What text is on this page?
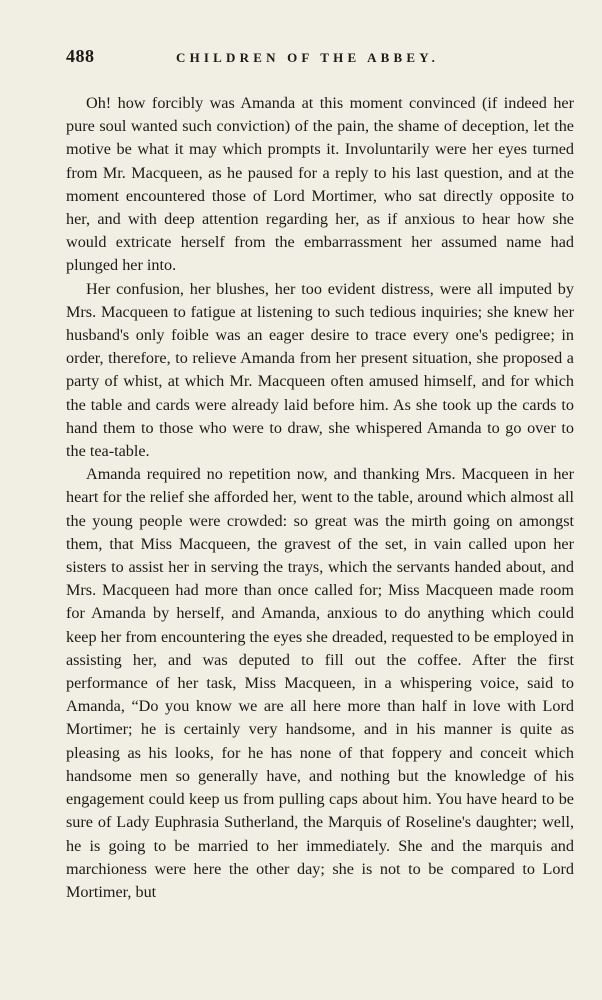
488	CHILDREN OF THE ABBEY.

Oh! how forcibly was Amanda at this moment convinced (if indeed her pure soul wanted such conviction) of the pain, the shame of deception, let the motive be what it may which prompts it. Involuntarily were her eyes turned from Mr. Macqueen, as he paused for a reply to his last question, and at the moment encountered those of Lord Mortimer, who sat directly opposite to her, and with deep attention regarding her, as if anxious to hear how she would extricate herself from the embarrassment her assumed name had plunged her into.

Her confusion, her blushes, her too evident distress, were all imputed by Mrs. Macqueen to fatigue at listening to such tedious inquiries; she knew her husband's only foible was an eager desire to trace every one's pedigree; in order, therefore, to relieve Amanda from her present situation, she proposed a party of whist, at which Mr. Macqueen often amused himself, and for which the table and cards were already laid before him. As she took up the cards to hand them to those who were to draw, she whispered Amanda to go over to the tea-table.

Amanda required no repetition now, and thanking Mrs. Macqueen in her heart for the relief she afforded her, went to the table, around which almost all the young people were crowded: so great was the mirth going on amongst them, that Miss Macqueen, the gravest of the set, in vain called upon her sisters to assist her in serving the trays, which the servants handed about, and Mrs. Macqueen had more than once called for; Miss Macqueen made room for Amanda by herself, and Amanda, anxious to do anything which could keep her from encountering the eyes she dreaded, requested to be employed in assisting her, and was deputed to fill out the coffee. After the first performance of her task, Miss Macqueen, in a whispering voice, said to Amanda, “Do you know we are all here more than half in love with Lord Mortimer; he is certainly very handsome, and in his manner is quite as pleasing as his looks, for he has none of that foppery and conceit which handsome men so generally have, and nothing but the knowledge of his engagement could keep us from pulling caps about him. You have heard to be sure of Lady Euphrasia Sutherland, the Marquis of Roseline's daughter; well, he is going to be married to her immediately. She and the marquis and marchioness were here the other day; she is not to be compared to Lord Mortimer, but
